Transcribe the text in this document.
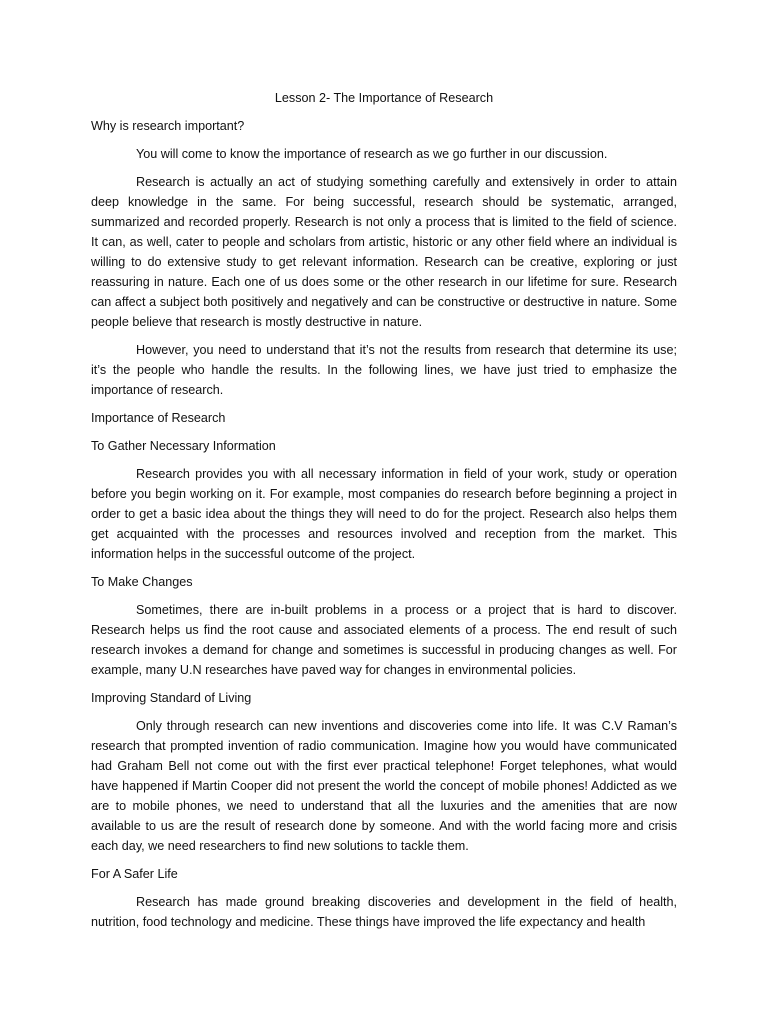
Lesson 2- The Importance of Research
Why is research important?

You will come to know the importance of research as we go further in our discussion.

Research is actually an act of studying something carefully and extensively in order to attain deep knowledge in the same. For being successful, research should be systematic, arranged, summarized and recorded properly. Research is not only a process that is limited to the field of science. It can, as well, cater to people and scholars from artistic, historic or any other field where an individual is willing to do extensive study to get relevant information. Research can be creative, exploring or just reassuring in nature. Each one of us does some or the other research in our lifetime for sure. Research can affect a subject both positively and negatively and can be constructive or destructive in nature. Some people believe that research is mostly destructive in nature.

However, you need to understand that it’s not the results from research that determine its use; it’s the people who handle the results. In the following lines, we have just tried to emphasize the importance of research.

Importance of Research
To Gather Necessary Information

Research provides you with all necessary information in field of your work, study or operation before you begin working on it. For example, most companies do research before beginning a project in order to get a basic idea about the things they will need to do for the project. Research also helps them get acquainted with the processes and resources involved and reception from the market. This information helps in the successful outcome of the project.

To Make Changes

Sometimes, there are in-built problems in a process or a project that is hard to discover. Research helps us find the root cause and associated elements of a process. The end result of such research invokes a demand for change and sometimes is successful in producing changes as well. For example, many U.N researches have paved way for changes in environmental policies.

Improving Standard of Living

Only through research can new inventions and discoveries come into life. It was C.V Raman’s research that prompted invention of radio communication. Imagine how you would have communicated had Graham Bell not come out with the first ever practical telephone! Forget telephones, what would have happened if Martin Cooper did not present the world the concept of mobile phones! Addicted as we are to mobile phones, we need to understand that all the luxuries and the amenities that are now available to us are the result of research done by someone. And with the world facing more and crisis each day, we need researchers to find new solutions to tackle them.

For A Safer Life

Research has made ground breaking discoveries and development in the field of health, nutrition, food technology and medicine. These things have improved the life expectancy and health
